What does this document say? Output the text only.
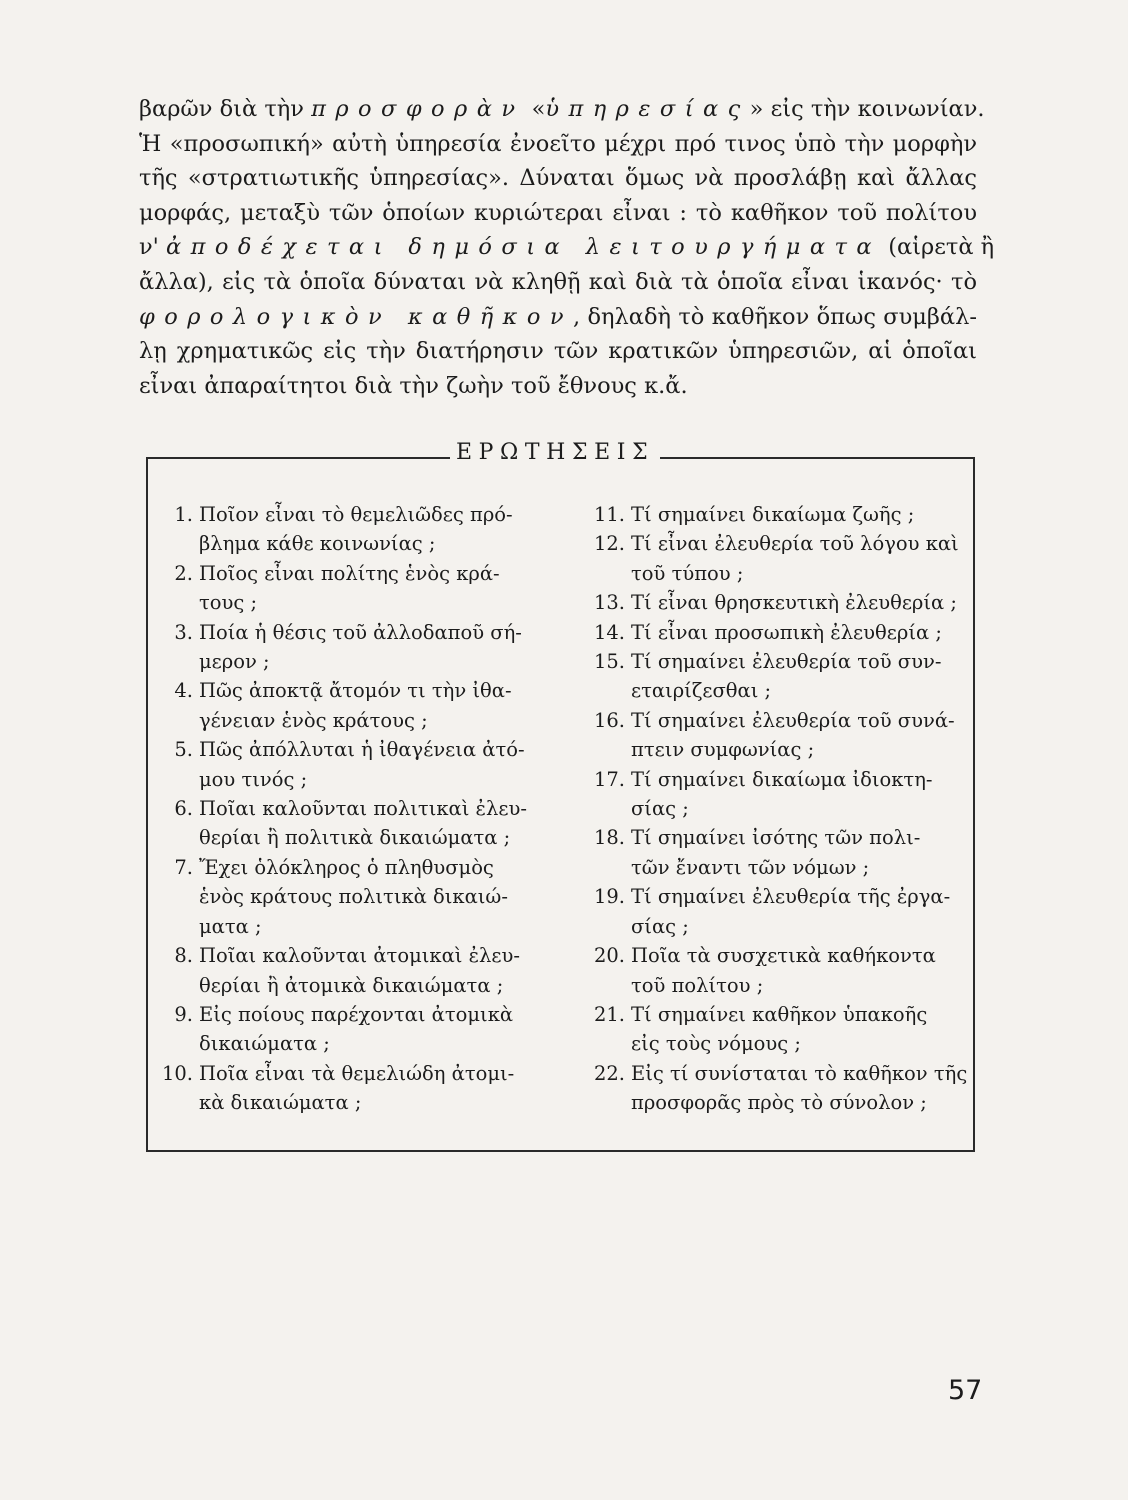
βαρῶν διὰ τὴν προσφορὰν «ὑπηρεσίας» εἰς τὴν κοινωνίαν.
Ἡ «προσωπική» αὐτὴ ὑπηρεσία ἐνοεῖτο μέχρι πρό τινος ὑπὸ τὴν μορφὴν
τῆς «στρατιωτικῆς ὑπηρεσίας». Δύναται ὅμως νὰ προσλάβῃ καὶ ἄλλας
μορφάς, μεταξὺ τῶν ὁποίων κυριώτεραι εἶναι : τὸ καθῆκον τοῦ πολίτου
ν' ἀποδέχεται δημόσια λειτουργήματα (αἱρετὰ ἢ
ἄλλα), εἰς τὰ ὁποῖα δύναται νὰ κληθῇ καὶ διὰ τὰ ὁποῖα εἶναι ἱκανός· τὸ
φορολογικὸν καθῆκον, δηλαδὴ τὸ καθῆκον ὅπως συμβάλ-
λῃ χρηματικῶς εἰς τὴν διατήρησιν τῶν κρατικῶν ὑπηρεσιῶν, αἱ ὁποῖαι
εἶναι ἀπαραίτητοι διὰ τὴν ζωὴν τοῦ ἔθνους κ.ἄ.
ΕΡΩΤΗΣΕΙΣ
1. Ποῖον εἶναι τὸ θεμελιῶδες πρό-
βλημα κάθε κοινωνίας ;
2. Ποῖος εἶναι πολίτης ἑνὸς κρά-
τους ;
3. Ποία ἡ θέσις τοῦ ἀλλοδαποῦ σή-
μερον ;
4. Πῶς ἀποκτᾷ ἄτομόν τι τὴν ἰθα-
γένειαν ἑνὸς κράτους ;
5. Πῶς ἀπόλλυται ἡ ἰθαγένεια ἀτό-
μου τινός ;
6. Ποῖαι καλοῦνται πολιτικαὶ ἐλευ-
θερίαι ἢ πολιτικὰ δικαιώματα ;
7. Ἔχει ὁλόκληρος ὁ πληθυσμὸς
ἑνὸς κράτους πολιτικὰ δικαιώ-
ματα ;
8. Ποῖαι καλοῦνται ἀτομικαὶ ἐλευ-
θερίαι ἢ ἀτομικὰ δικαιώματα ;
9. Εἰς ποίους παρέχονται ἀτομικὰ
δικαιώματα ;
10. Ποῖα εἶναι τὰ θεμελιώδη ἀτομι-
κὰ δικαιώματα ;
11. Τί σημαίνει δικαίωμα ζωῆς ;
12. Τί εἶναι ἐλευθερία τοῦ λόγου καὶ
τοῦ τύπου ;
13. Τί εἶναι θρησκευτικὴ ἐλευθερία ;
14. Τί εἶναι προσωπικὴ ἐλευθερία ;
15. Τί σημαίνει ἐλευθερία τοῦ συν-
εταιρίζεσθαι ;
16. Τί σημαίνει ἐλευθερία τοῦ συνά-
πτειν συμφωνίας ;
17. Τί σημαίνει δικαίωμα ἰδιοκτη-
σίας ;
18. Τί σημαίνει ἰσότης τῶν πολι-
τῶν ἔναντι τῶν νόμων ;
19. Τί σημαίνει ἐλευθερία τῆς ἐργα-
σίας ;
20. Ποῖα τὰ συσχετικὰ καθήκοντα
τοῦ πολίτου ;
21. Τί σημαίνει καθῆκον ὑπακοῆς
εἰς τοὺς νόμους ;
22. Εἰς τί συνίσταται τὸ καθῆκον τῆς
προσφορᾶς πρὸς τὸ σύνολον ;
57
